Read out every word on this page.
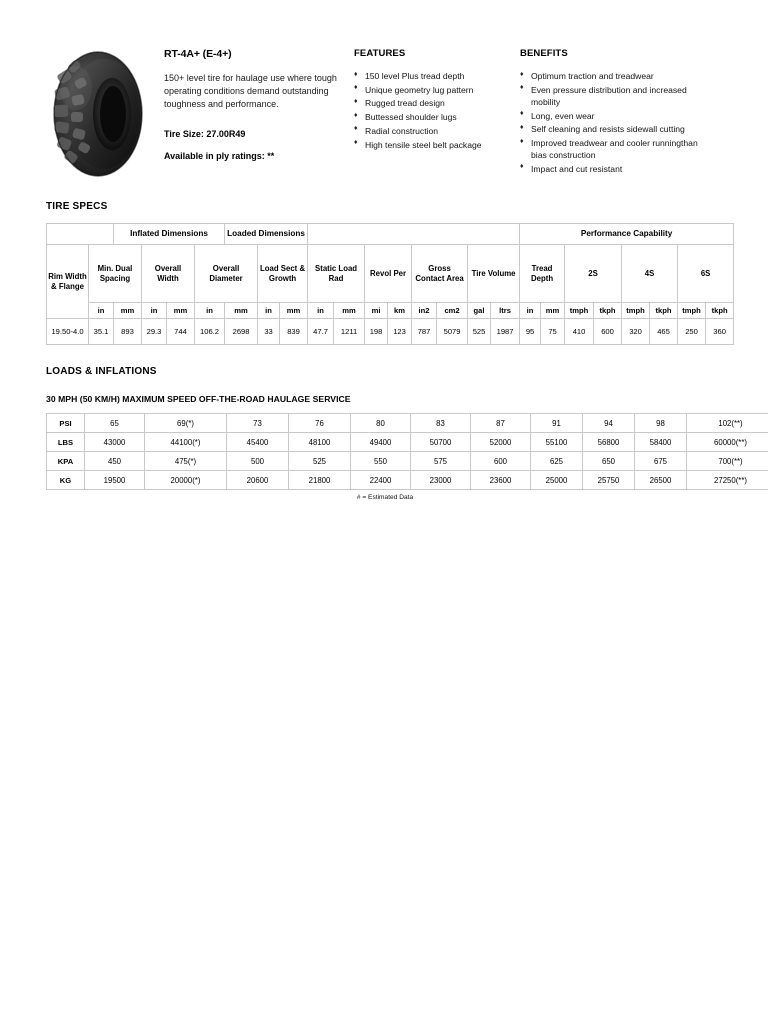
RT-4A+ (E-4+)
150+ level tire for haulage use where tough operating conditions demand outstanding toughness and performance.
Tire Size: 27.00R49
Available in ply ratings: **
FEATURES
♦ 150 level Plus tread depth
♦ Unique geometry lug pattern
♦ Rugged tread design
♦ Buttessed shoulder lugs
♦ Radial construction
♦ High tensile steel belt package
BENEFITS
♦ Optimum traction and treadwear
♦ Even pressure distribution and increased mobility
♦ Long, even wear
♦ Self cleaning and resists sidewall cutting
♦ Improved treadwear and cooler runningthan bias construction
♦ Impact and cut resistant
TIRE SPECS
		Inflated Dimensions				Loaded Dimensions											Performance Capability							
Rim Width & Flange	Min. Dual Spacing		Overall Width		Overall Diameter		Load Sect & Growth		Static Load Rad		Revol Per		Gross Contact Area		Tire Volume		Tread Depth		2S		4S		6S	
	in	mm	in	mm	in	mm	in	mm	in	mm	mi	km	in2	cm2	gal	ltrs	in	mm	tmph	tkph	tmph	tkph	tmph	tkph
19.50-4.0	35.1	893	29.3	744	106.2	2698	33	839	47.7	1211	198	123	787	5079	525	1987	95	75	410	600	320	465	250	360
LOADS & INFLATIONS
30 MPH (50 KM/H) MAXIMUM SPEED OFF-THE-ROAD HAULAGE SERVICE
PSI	65	69(*)	73	76	80	83	87	91	94	98	102(**)
LBS	43000	44100(*)	45400	48100	49400	50700	52000	55100	56800	58400	60000(**)
KPA	450	475(*)	500	525	550	575	600	625	650	675	700(**)
KG	19500	20000(*)	20600	21800	22400	23000	23600	25000	25750	26500	27250(**)
# = Estimated Data
